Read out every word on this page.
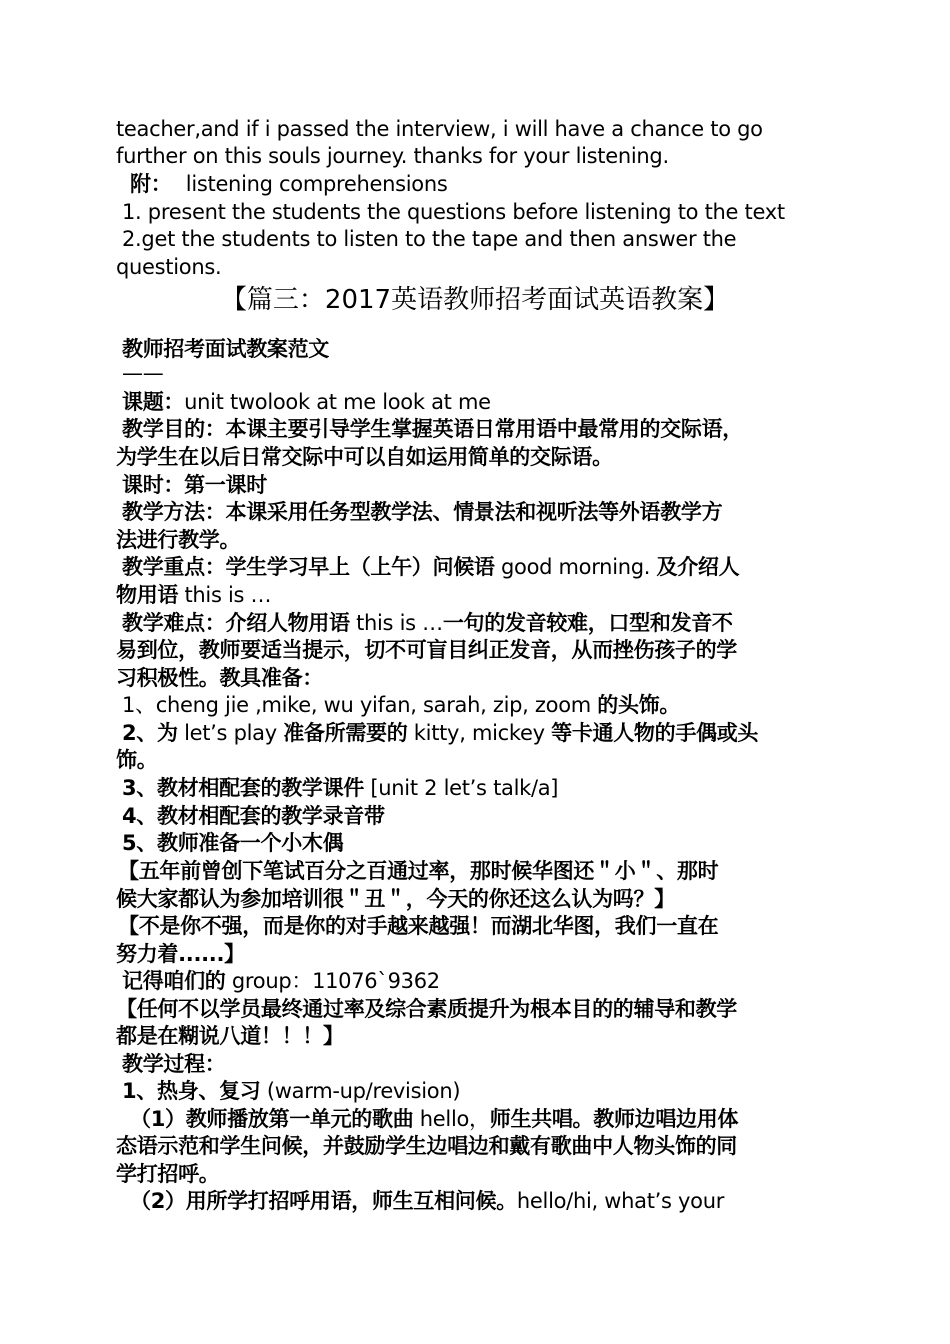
teacher,and if i passed the interview, i will have a chance to go
further on this souls journey. thanks for your listening.
附： listening comprehensions
1. present the students the questions before listening to the text
2.get the students to listen to the tape and then answer the
questions.
【篇三：2017英语教师招考面试英语教案】
教师招考面试教案范文
——
课题：unit twolook at me look at me
教学目的：本课主要引导学生掌握英语日常用语中最常用的交际语，
为学生在以后日常交际中可以自如运用简单的交际语。
课时：第一课时
教学方法：本课采用任务型教学法、情景法和视听法等外语教学方
法进行教学。
教学重点：学生学习早上（上午）问候语 good morning. 及介绍人
物用语 this is …
教学难点：介绍人物用语 this is …一句的发音较难，口型和发音不
易到位，教师要适当提示，切不可盲目纠正发音，从而挫伤孩子的学
习积极性。教具准备：
1、cheng jie ,mike, wu yifan, sarah, zip, zoom 的头饰。
2、为 let’s play 准备所需要的 kitty, mickey 等卡通人物的手偶或头
饰。
3、教材相配套的教学课件 [unit 2 let’s talk/a]
4、教材相配套的教学录音带
5、教师准备一个小木偶
【五年前曾创下笔试百分之百通过率，那时候华图还＂小＂、那时
候大家都认为参加培训很＂丑＂，今天的你还这么认为吗？】
【不是你不强，而是你的对手越来越强！而湖北华图，我们一直在
努力着......】
记得咱们的 group：11076`9362
【任何不以学员最终通过率及综合素质提升为根本目的的辅导和教学
都是在糊说八道！！！】
教学过程：
1、热身、复习 (warm-up/revision)
（1）教师播放第一单元的歌曲 hello，师生共唱。教师边唱边用体
态语示范和学生问候，并鼓励学生边唱边和戴有歌曲中人物头饰的同
学打招呼。
（2）用所学打招呼用语，师生互相问候。hello/hi, what’s your
